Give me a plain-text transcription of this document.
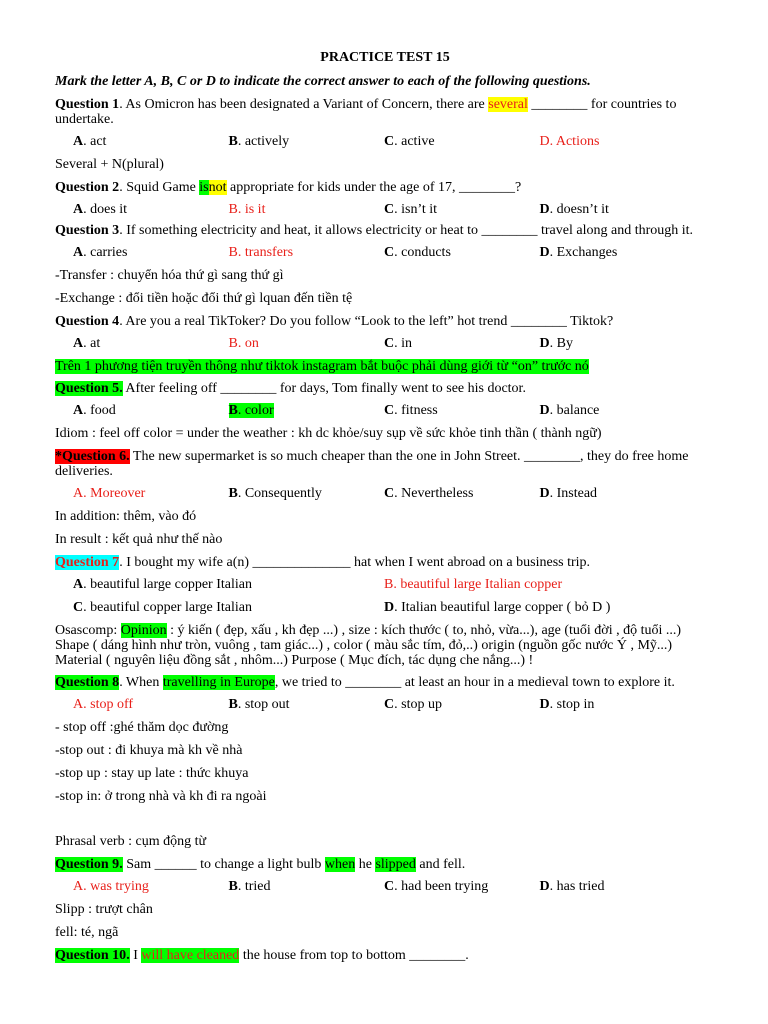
PRACTICE TEST 15
Mark the letter A, B, C or D to indicate the correct answer to each of the following questions.
Question 1. As Omicron has been designated a Variant of Concern, there are several ________ for countries to undertake.
A. act	B. actively	C. active	D. Actions
Several + N(plural)
Question 2. Squid Game isnot appropriate for kids under the age of 17, ________?
A. does it	B. is it	C. isn’t it	D. doesn’t it
Question 3. If something electricity and heat, it allows electricity or heat to ________ travel along and through it.
A. carries	B. transfers	C. conducts	D. Exchanges
-Transfer : chuyển hóa thứ gì sang thứ gì
-Exchange : đổi tiền hoặc đổi thứ gì lquan đến tiền tệ
Question 4. Are you a real TikToker? Do you follow “Look to the left” hot trend ________ Tiktok?
A. at	B. on	C. in	D. By
Trên 1 phương tiện truyền thông như tiktok instagram bắt buộc phải dùng giới từ “on” trước nó
Question 5. After feeling off ________ for days, Tom finally went to see his doctor.
A. food	B. color	C. fitness	D. balance
Idiom : feel off color = under the weather : kh dc khỏe/suy sụp về sức khỏe tinh thần ( thành ngữ)
*Question 6. The new supermarket is so much cheaper than the one in John Street. ________, they do free home deliveries.
A. Moreover	B. Consequently	C. Nevertheless	D. Instead
In addition: thêm, vào đó
In result : kết quả như thế nào
Question 7. I bought my wife a(n) ______________ hat when I went abroad on a business trip.
A. beautiful large copper Italian	B. beautiful large Italian copper
C. beautiful copper large Italian	D. Italian beautiful large copper ( bỏ D )
Osascomp: Opinion : ý kiến ( đẹp, xấu , kh đẹp ...) , size : kích thước ( to, nhỏ, vừa...), age (tuổi đời , độ tuổi ...)
Shape ( dáng hình như tròn, vuông , tam giác...) , color ( màu sắc tím, đỏ,..) origin (nguồn gốc nước Ý , Mỹ...)
Material ( nguyên liệu đồng sắt , nhôm...) Purpose ( Mục đích, tác dụng che nắng...) !
Question 8. When travelling in Europe, we tried to ________ at least an hour in a medieval town to explore it.
A. stop off	B. stop out	C. stop up	D. stop in
- stop off :ghé thăm dọc đường
-stop out : đi khuya mà kh về nhà
-stop up : stay up late : thức khuya
-stop in: ở trong nhà và kh đi ra ngoài
Phrasal verb : cụm động từ
Question 9. Sam ______ to change a light bulb when he slipped and fell.
A. was trying	B. tried	C. had been trying	D. has tried
Slipp : trượt chân
fell: té, ngã
Question 10. I will have cleaned the house from top to bottom ________.
